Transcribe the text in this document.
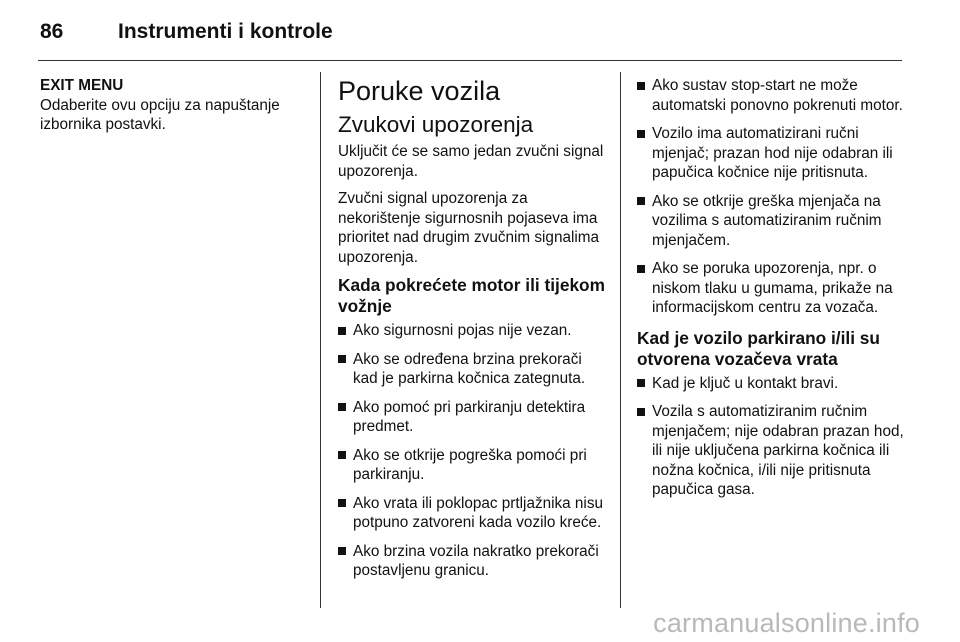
86	Instrumenti i kontrole
EXIT MENU
Odaberite ovu opciju za napuštanje izbornika postavki.
Poruke vozila
Zvukovi upozorenja

Uključit će se samo jedan zvučni signal upozorenja.

Zvučni signal upozorenja za nekorištenje sigurnosnih pojaseva ima prioritet nad drugim zvučnim signalima upozorenja.

Kada pokrećete motor ili tijekom vožnje
Ako sigurnosni pojas nije vezan.
Ako se određena brzina prekorači kad je parkirna kočnica zategnuta.
Ako pomoć pri parkiranju detektira predmet.
Ako se otkrije pogreška pomoći pri parkiranju.
Ako vrata ili poklopac prtljažnika nisu potpuno zatvoreni kada vozilo kreće.
Ako brzina vozila nakratko prekorači postavljenu granicu.
Ako sustav stop-start ne može automatski ponovno pokrenuti motor.
Vozilo ima automatizirani ručni mjenjač; prazan hod nije odabran ili papučica kočnice nije pritisnuta.
Ako se otkrije greška mjenjača na vozilima s automatiziranim ručnim mjenjačem.
Ako se poruka upozorenja, npr. o niskom tlaku u gumama, prikaže na informacijskom centru za vozača.
Kad je vozilo parkirano i/ili su otvorena vozačeva vrata
Kad je ključ u kontakt bravi.
Vozila s automatiziranim ručnim mjenjačem; nije odabran prazan hod, ili nije uključena parkirna kočnica ili nožna kočnica, i/ili nije pritisnuta papučica gasa.
carmanualsonline.info
